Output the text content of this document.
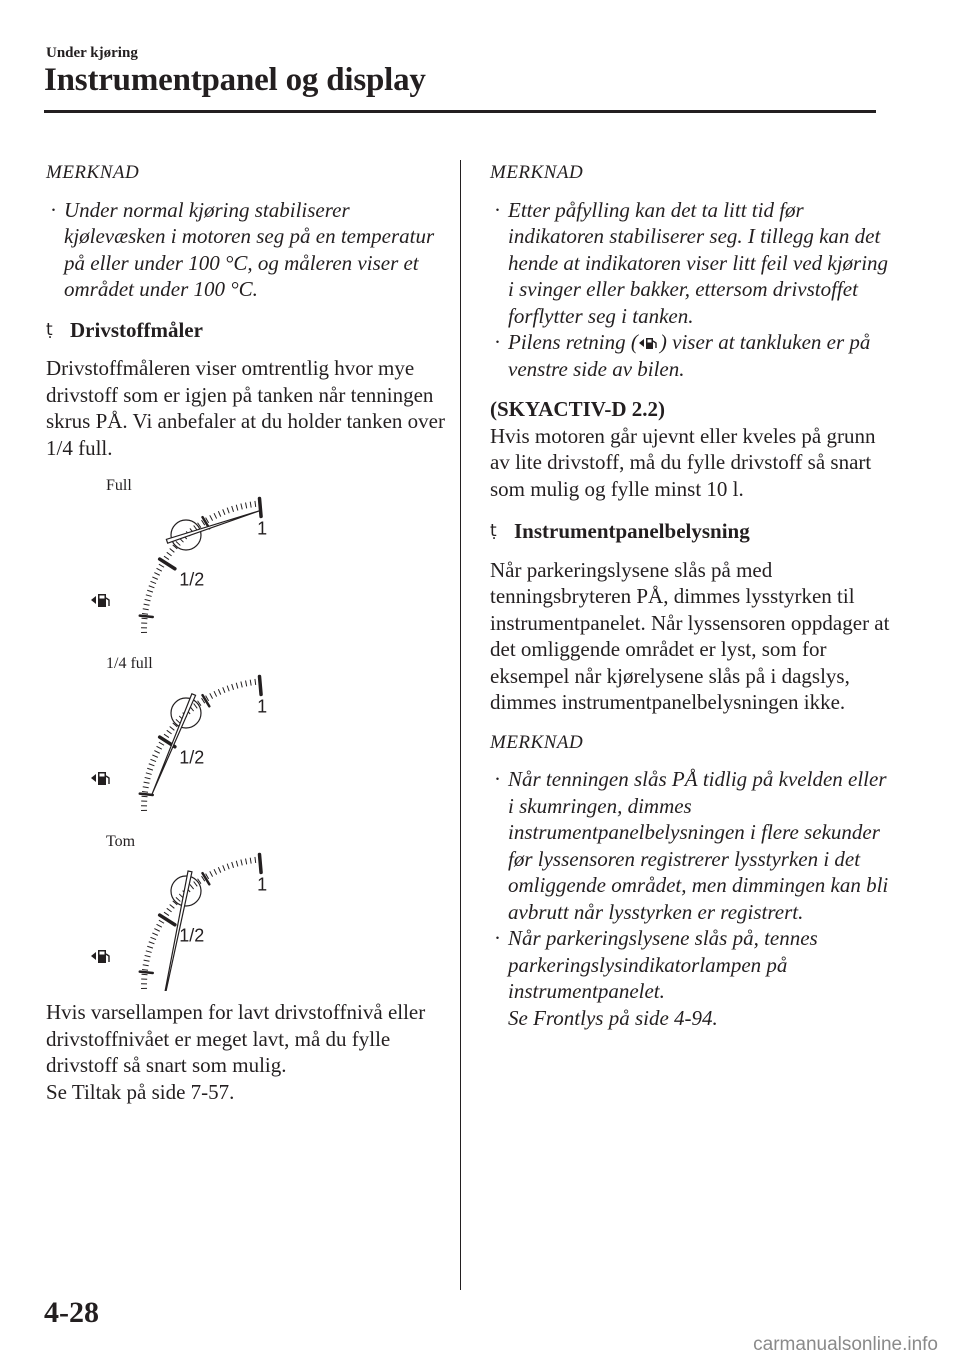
Under kjøring
Instrumentpanel og display
MERKNAD

· Under normal kjøring stabiliserer kjølevæsken i motoren seg på en temperatur på eller under 100 °C, og måleren viser et området under 100 °C.

ṭ Drivstoffmåler

Drivstoffmåleren viser omtrentlig hvor mye drivstoff som er igjen på tanken når tenningen skrus PÅ. Vi anbefaler at du holder tanken over 1/4 full.

Full
1/2
1
1/4 full
1/2
1
Tom
1/2
1

Hvis varsellampen for lavt drivstoffnivå eller drivstoffnivået er meget lavt, må du fylle drivstoff så snart som mulig.

Se Tiltak på side 7-57.

MERKNAD

· Etter påfylling kan det ta litt tid før indikatoren stabiliserer seg. I tillegg kan det hende at indikatoren viser litt feil ved kjøring i svinger eller bakker, ettersom drivstoffet forflytter seg i tanken.

· Pilens retning ( ) viser at tankluken er på venstre side av bilen.

(SKYACTIV-D 2.2)

Hvis motoren går ujevnt eller kveles på grunn av lite drivstoff, må du fylle drivstoff så snart som mulig og fylle minst 10 l.

ṭ Instrumentpanelbelysning

Når parkeringslysene slås på med tenningsbryteren PÅ, dimmes lysstyrken til instrumentpanelet. Når lyssensoren oppdager at det omliggende området er lyst, som for eksempel når kjørelysene slås på i dagslys, dimmes instrumentpanelbelysningen ikke.

MERKNAD

· Når tenningen slås PÅ tidlig på kvelden eller i skumringen, dimmes instrumentpanelbelysningen i flere sekunder før lyssensoren registrerer lysstyrken i det omliggende området, men dimmingen kan bli avbrutt når lysstyrken er registrert.

· Når parkeringslysene slås på, tennes parkeringslysindikatorlampen på instrumentpanelet.
Se Frontlys på side 4-94.

4-28
carmanualsonline.info
